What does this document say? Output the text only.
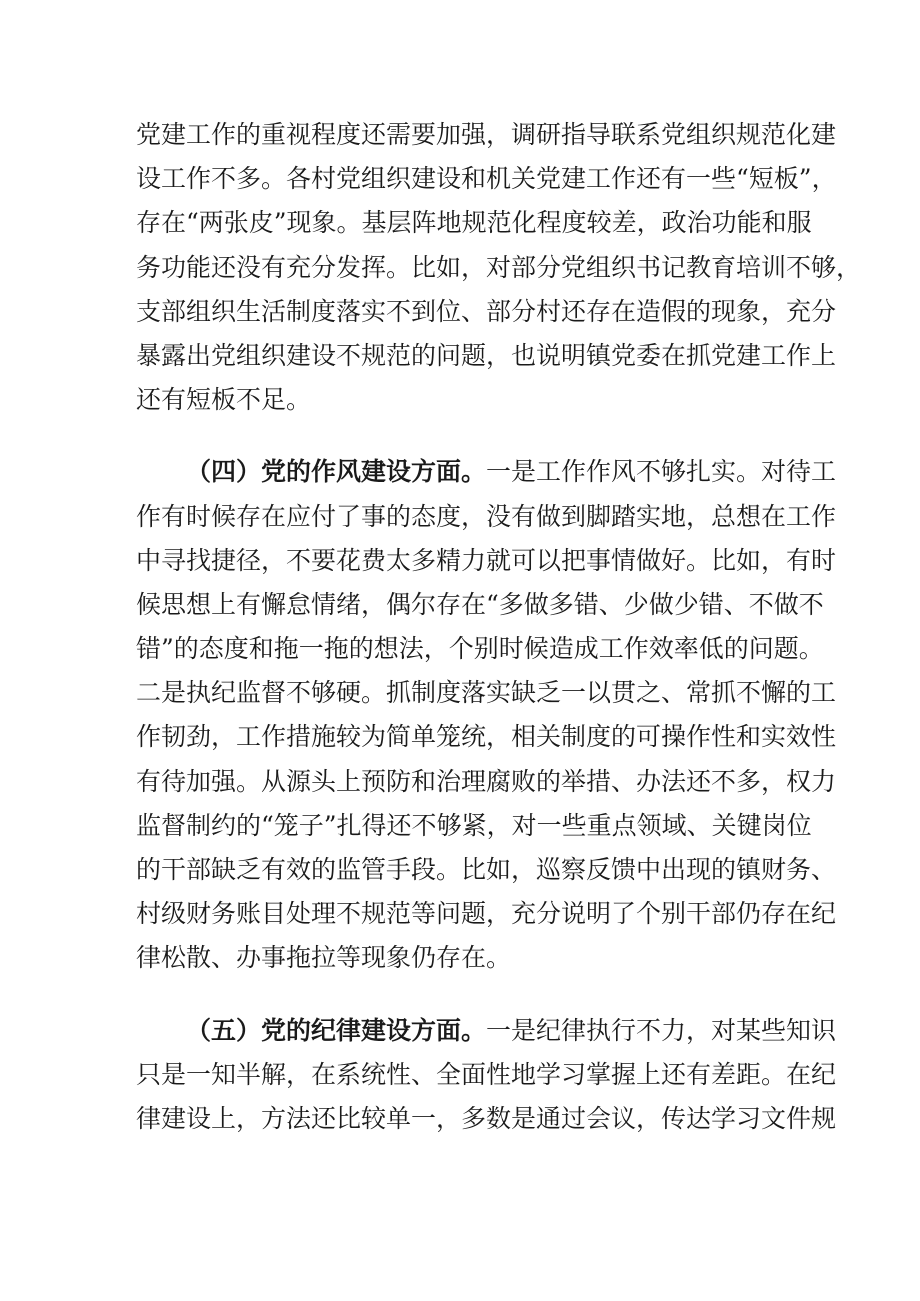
党建工作的重视程度还需要加强，调研指导联系党组织规范化建
设工作不多。各村党组织建设和机关党建工作还有一些“短板”，
存在“两张皮”现象。基层阵地规范化程度较差，政治功能和服
务功能还没有充分发挥。比如，对部分党组织书记教育培训不够，
支部组织生活制度落实不到位、部分村还存在造假的现象，充分
暴露出党组织建设不规范的问题，也说明镇党委在抓党建工作上
还有短板不足。
（四）党的作风建设方面。一是工作作风不够扎实。对待工
作有时候存在应付了事的态度，没有做到脚踏实地，总想在工作
中寻找捷径，不要花费太多精力就可以把事情做好。比如，有时
候思想上有懈怠情绪，偶尔存在“多做多错、少做少错、不做不
错”的态度和拖一拖的想法，个别时候造成工作效率低的问题。
二是执纪监督不够硬。抓制度落实缺乏一以贯之、常抓不懈的工
作韧劲，工作措施较为简单笼统，相关制度的可操作性和实效性
有待加强。从源头上预防和治理腐败的举措、办法还不多，权力
监督制约的“笼子”扎得还不够紧，对一些重点领域、关键岗位
的干部缺乏有效的监管手段。比如，巡察反馈中出现的镇财务、
村级财务账目处理不规范等问题，充分说明了个别干部仍存在纪
律松散、办事拖拉等现象仍存在。
（五）党的纪律建设方面。一是纪律执行不力，对某些知识
只是一知半解，在系统性、全面性地学习掌握上还有差距。在纪
律建设上，方法还比较单一，多数是通过会议，传达学习文件规
